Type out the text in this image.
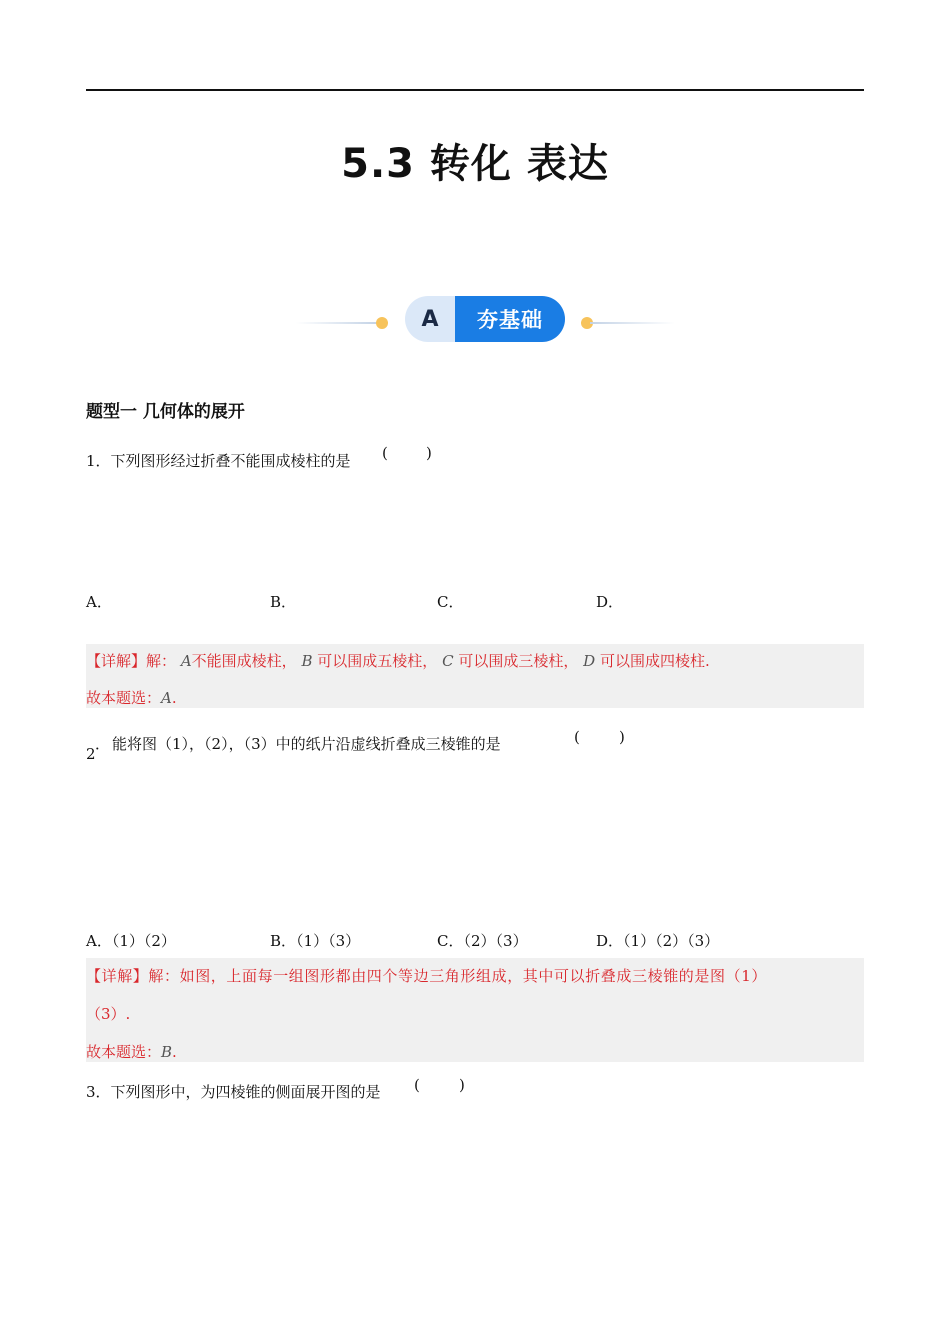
5.3 转化 表达
A	夯基础
题型一 几何体的展开
1．下列图形经过折叠不能围成棱柱的是 (	)
A．	B．	C．	D．
【详解】解： A不能围成棱柱， B 可以围成五棱柱， C 可以围成三棱柱， D 可以围成四棱柱.
故本题选：A.
2
． 能将图（1），（2），（3）中的纸片沿虚线折叠成三棱锥的是	(	)
A．（1）（2）	B．（1）（3）	C．（2）（3）	D．（1）（2）（3）
【详解】解：如图，上面每一组图形都由四个等边三角形组成，其中可以折叠成三棱锥的是图（1）
（3）.
故本题选：B.
3．下列图形中，为四棱锥的侧面展开图的是 (	)
